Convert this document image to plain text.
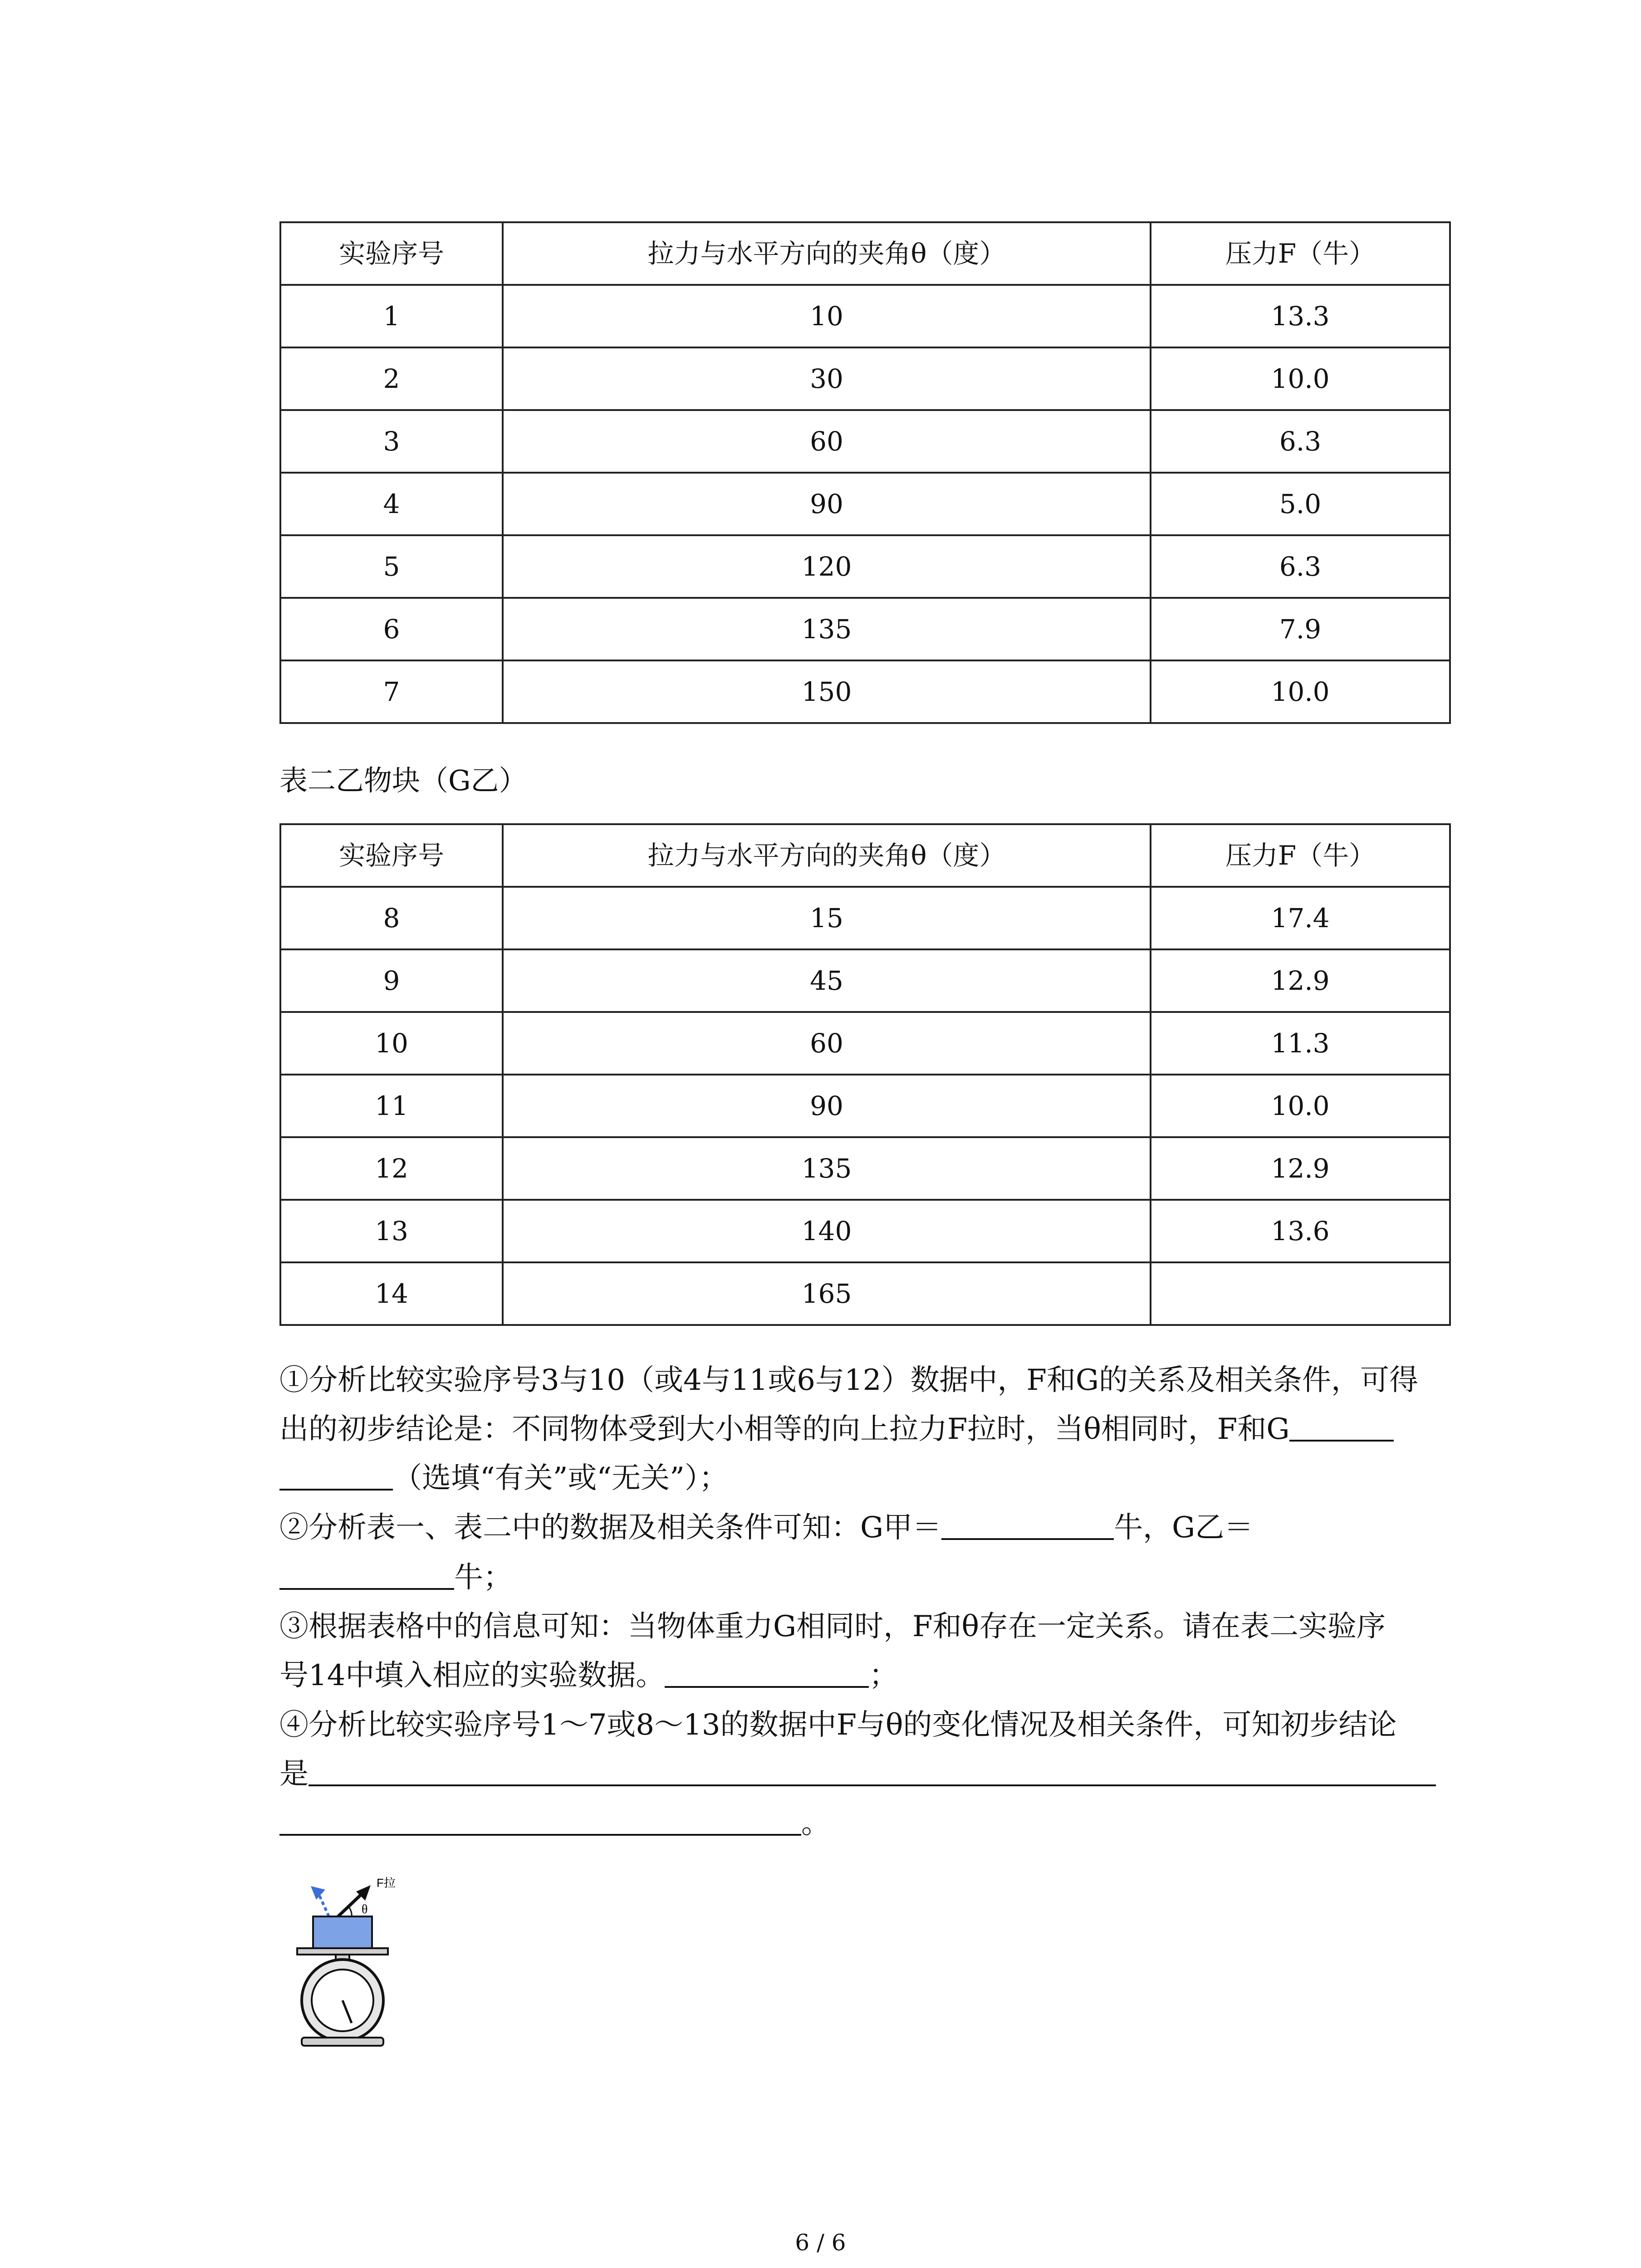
实验序号	拉力与水平方向的夹角θ（度）	压力F（牛）
1	10	13.3
2	30	10.0
3	60	6.3
4	90	5.0
5	120	6.3
6	135	7.9
7	150	10.0
表二乙物块（G乙）
实验序号	拉力与水平方向的夹角θ（度）	压力F（牛）
8	15	17.4
9	45	12.9
10	60	11.3
11	90	10.0
12	135	12.9
13	140	13.6
14	165	
①分析比较实验序号3与10（或4与11或6与12）数据中，F和G的关系及相关条件，可得
出的初步结论是：不同物体受到大小相等的向上拉力F拉时，当θ相同时，F和G
（选填“有关”或“无关”）；
②分析表一、表二中的数据及相关条件可知：G甲＝	牛，G乙＝
牛；
③根据表格中的信息可知：当物体重力G相同时，F和θ存在一定关系。请在表二实验序
号14中填入相应的实验数据。	；
④分析比较实验序号1～7或8～13的数据中F与θ的变化情况及相关条件，可知初步结论
是
。
F拉
θ
6 / 6
